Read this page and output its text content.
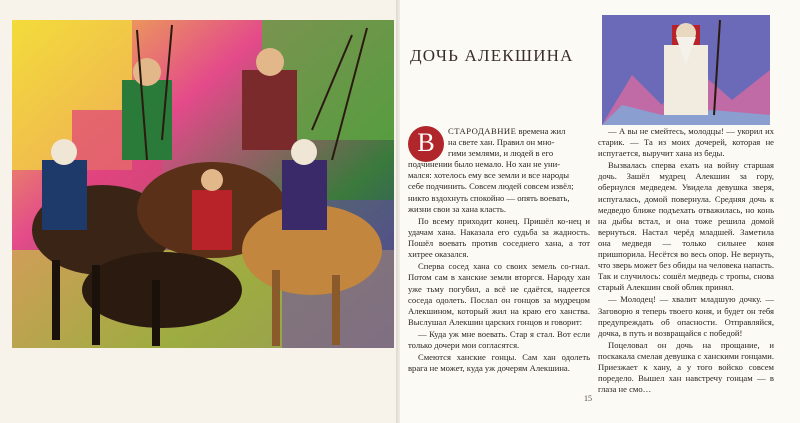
ДОЧЬ АЛЕКШИНА
В	СТАРОДАВНИЕ времена жил
на свете хан. Правил он мно-
гими землями, и людей в его
подчинении было немало. Но хан не уни-
мался: хотелось ему все земли и все народы
себе подчинить. Совсем людей совсем извёл;
никто вздохнуть спокойно — опять воевать,
жизни свои за хана класть.

По всему приходит конец. Пришёл ко-нец и удачам хана. Наказала его судьба за жадность. Пошёл воевать против соседнего хана, а тот хитрее оказался.

Сперва сосед хана со своих земель со-гнал. Потом сам в ханские земли вторгся. Народу хан уже тьму погубил, а всё не сдаётся, надеется соседа одолеть. Послал он гонцов за мудрецом Алекшином, который жил на краю его ханства. Выслушал Алекшин царских гонцов и говорит:

— Куда уж мне воевать. Стар я стал. Вот если только дочери мои согласятся.

Смеются ханские гонцы. Сам хан одолеть врага не может, куда уж дочерям Алекшина.

— А вы не смейтесь, молодцы! — укорил их старик. — Та из моих дочерей, которая не испугается, выручит хана из беды.

Вызвалась сперва ехать на войну старшая дочь. Зашёл мудрец Алекшин за гору, обернулся медведем. Увидела девушка зверя, испугалась, домой повернула. Средняя дочь к медведю ближе подъехать отважилась, но конь на дыбы встал, и она тоже решила домой вернуться. Настал черёд младшей. Заметила она медведя — только сильнее коня пришпорила. Несётся во весь опор. Не вернуть, что зверь может без обиды на человека напасть. Так и случилось: сошёл медведь с тропы, снова старый Алекшин свой облик принял.

— Молодец! — хвалит младшую дочку. — Заговорю я теперь твоего коня, и будет он тебя предупреждать об опасности. Отправляйся, дочка, в путь и возвращайся с победой!

Поцеловал он дочь на прощание, и поскакала смелая девушка с ханскими гонцами. Приезжает к хану, а у того войско совсем поредело. Вышел хан навстречу гонцам — в глаза не смо…

15
